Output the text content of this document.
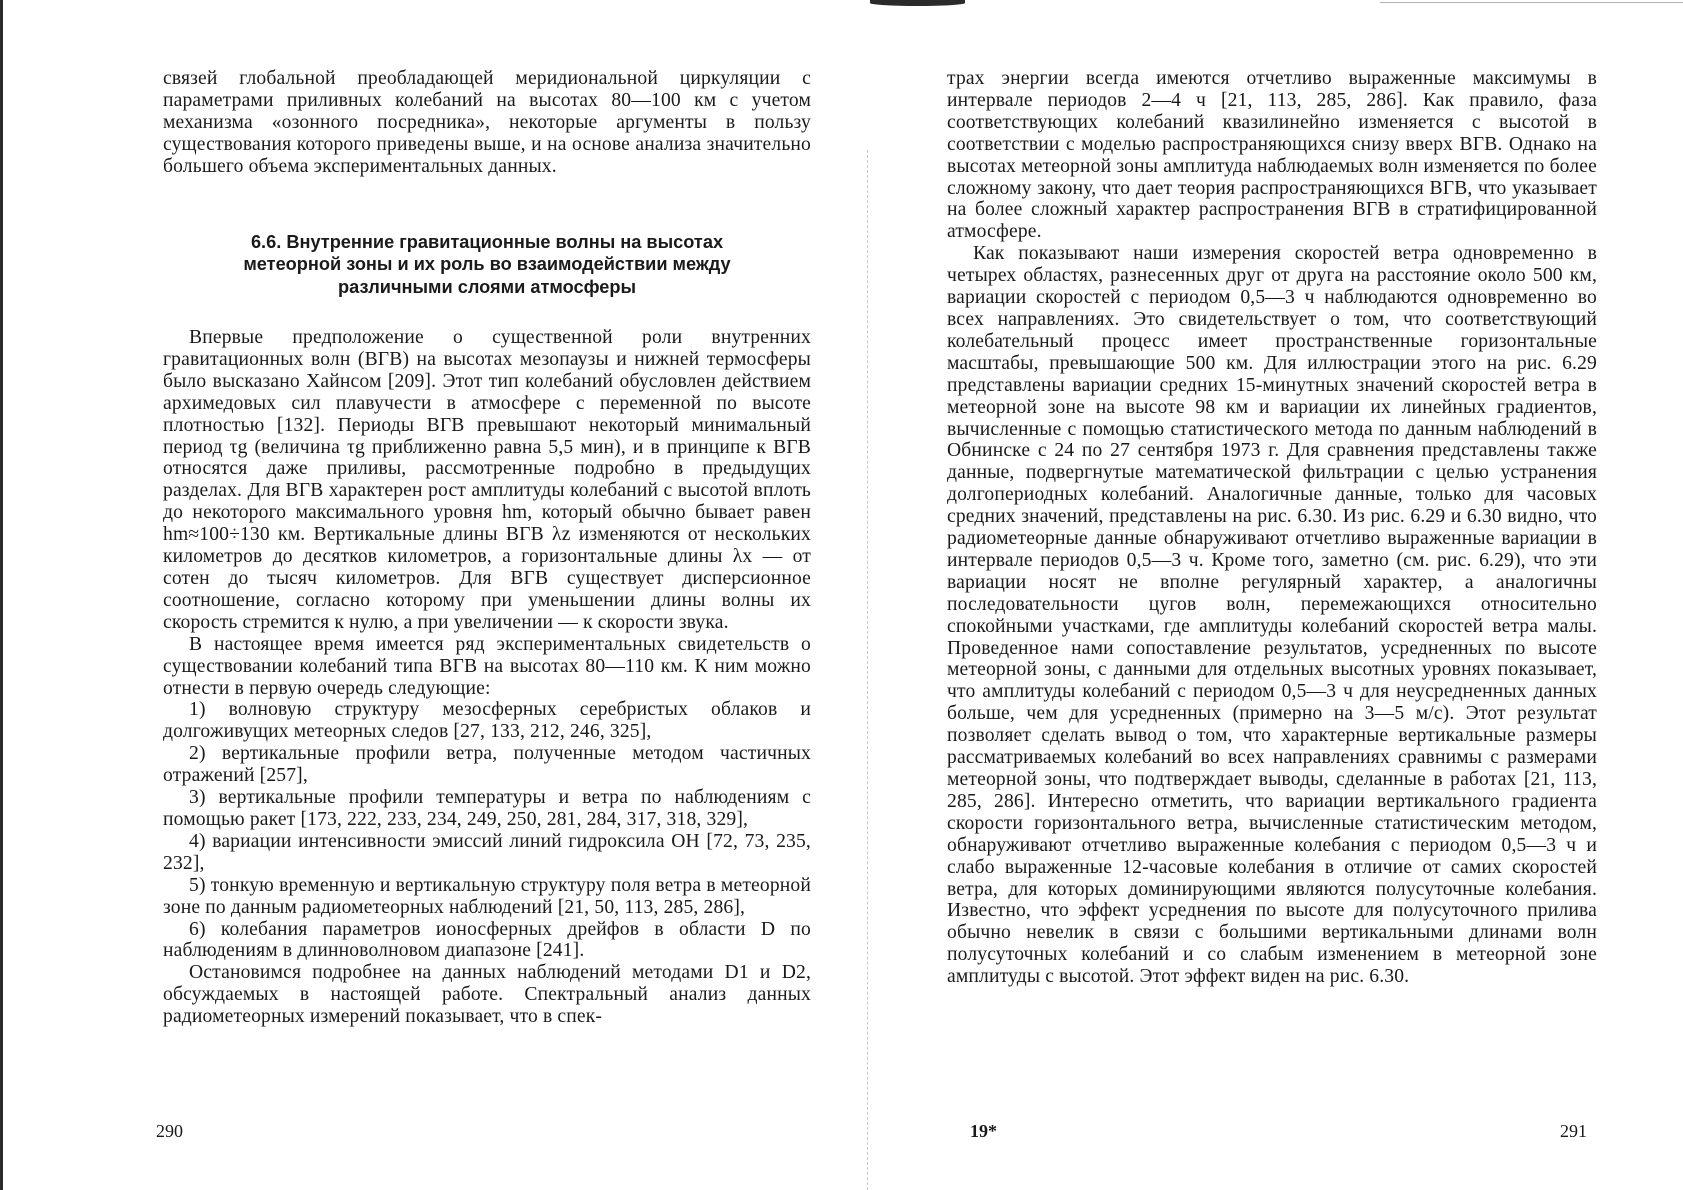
связей глобальной преобладающей меридиональной циркуляции с параметрами приливных колебаний на высотах 80—100 км с учетом механизма «озонного посредника», некоторые аргументы в пользу существования которого приведены выше, и на основе анализа значительно большего объема экспериментальных данных.

6.6. Внутренние гравитационные волны на высотах
метеорной зоны и их роль во взаимодействии между
различными слоями атмосферы

Впервые предположение о существенной роли внутренних гравитационных волн (ВГВ) на высотах мезопаузы и нижней термосферы было высказано Хайнсом [209]. Этот тип колебаний обусловлен действием архимедовых сил плавучести в атмосфере с переменной по высоте плотностью [132]. Периоды ВГВ превышают некоторый минимальный период τg (величина τg приближенно равна 5,5 мин), и в принципе к ВГВ относятся даже приливы, рассмотренные подробно в предыдущих разделах. Для ВГВ характерен рост амплитуды колебаний с высотой вплоть до некоторого максимального уровня hm, который обычно бывает равен hm≈100÷130 км. Вертикальные длины ВГВ λz изменяются от нескольких километров до десятков километров, а горизонтальные длины λx — от сотен до тысяч километров. Для ВГВ существует дисперсионное соотношение, согласно которому при уменьшении длины волны их скорость стремится к нулю, а при увеличении — к скорости звука.

В настоящее время имеется ряд экспериментальных свидетельств о существовании колебаний типа ВГВ на высотах 80—110 км. К ним можно отнести в первую очередь следующие:

1) волновую структуру мезосферных серебристых облаков и долгоживущих метеорных следов [27, 133, 212, 246, 325],

2) вертикальные профили ветра, полученные методом частичных отражений [257],

3) вертикальные профили температуры и ветра по наблюдениям с помощью ракет [173, 222, 233, 234, 249, 250, 281, 284, 317, 318, 329],

4) вариации интенсивности эмиссий линий гидроксила OH [72, 73, 235, 232],

5) тонкую временную и вертикальную структуру поля ветра в метеорной зоне по данным радиометеорных наблюдений [21, 50, 113, 285, 286],

6) колебания параметров ионосферных дрейфов в области D по наблюдениям в длинноволновом диапазоне [241].

Остановимся подробнее на данных наблюдений методами D1 и D2, обсуждаемых в настоящей работе. Спектральный анализ данных радиометеорных измерений показывает, что в спек-

трах энергии всегда имеются отчетливо выраженные максимумы в интервале периодов 2—4 ч [21, 113, 285, 286]. Как правило, фаза соответствующих колебаний квазилинейно изменяется с высотой в соответствии с моделью распространяющихся снизу вверх ВГВ. Однако на высотах метеорной зоны амплитуда наблюдаемых волн изменяется по более сложному закону, что дает теория распространяющихся ВГВ, что указывает на более сложный характер распространения ВГВ в стратифицированной атмосфере.

Как показывают наши измерения скоростей ветра одновременно в четырех областях, разнесенных друг от друга на расстояние около 500 км, вариации скоростей с периодом 0,5—3 ч наблюдаются одновременно во всех направлениях. Это свидетельствует о том, что соответствующий колебательный процесс имеет пространственные горизонтальные масштабы, превышающие 500 км. Для иллюстрации этого на рис. 6.29 представлены вариации средних 15-минутных значений скоростей ветра в метеорной зоне на высоте 98 км и вариации их линейных градиентов, вычисленные с помощью статистического метода по данным наблюдений в Обнинске с 24 по 27 сентября 1973 г. Для сравнения представлены также данные, подвергнутые математической фильтрации с целью устранения долгопериодных колебаний. Аналогичные данные, только для часовых средних значений, представлены на рис. 6.30. Из рис. 6.29 и 6.30 видно, что радиометеорные данные обнаруживают отчетливо выраженные вариации в интервале периодов 0,5—3 ч. Кроме того, заметно (см. рис. 6.29), что эти вариации носят не вполне регулярный характер, а аналогичны последовательности цугов волн, перемежающихся относительно спокойными участками, где амплитуды колебаний скоростей ветра малы. Проведенное нами сопоставление результатов, усредненных по высоте метеорной зоны, с данными для отдельных высотных уровнях показывает, что амплитуды колебаний с периодом 0,5—3 ч для неусредненных данных больше, чем для усредненных (примерно на 3—5 м/с). Этот результат позволяет сделать вывод о том, что характерные вертикальные размеры рассматриваемых колебаний во всех направлениях сравнимы с размерами метеорной зоны, что подтверждает выводы, сделанные в работах [21, 113, 285, 286]. Интересно отметить, что вариации вертикального градиента скорости горизонтального ветра, вычисленные статистическим методом, обнаруживают отчетливо выраженные колебания с периодом 0,5—3 ч и слабо выраженные 12-часовые колебания в отличие от самих скоростей ветра, для которых доминирующими являются полусуточные колебания. Известно, что эффект усреднения по высоте для полусуточного прилива обычно невелик в связи с большими вертикальными длинами волн полусуточных колебаний и со слабым изменением в метеорной зоне амплитуды с высотой. Этот эффект виден на рис. 6.30.

290	19*	291
